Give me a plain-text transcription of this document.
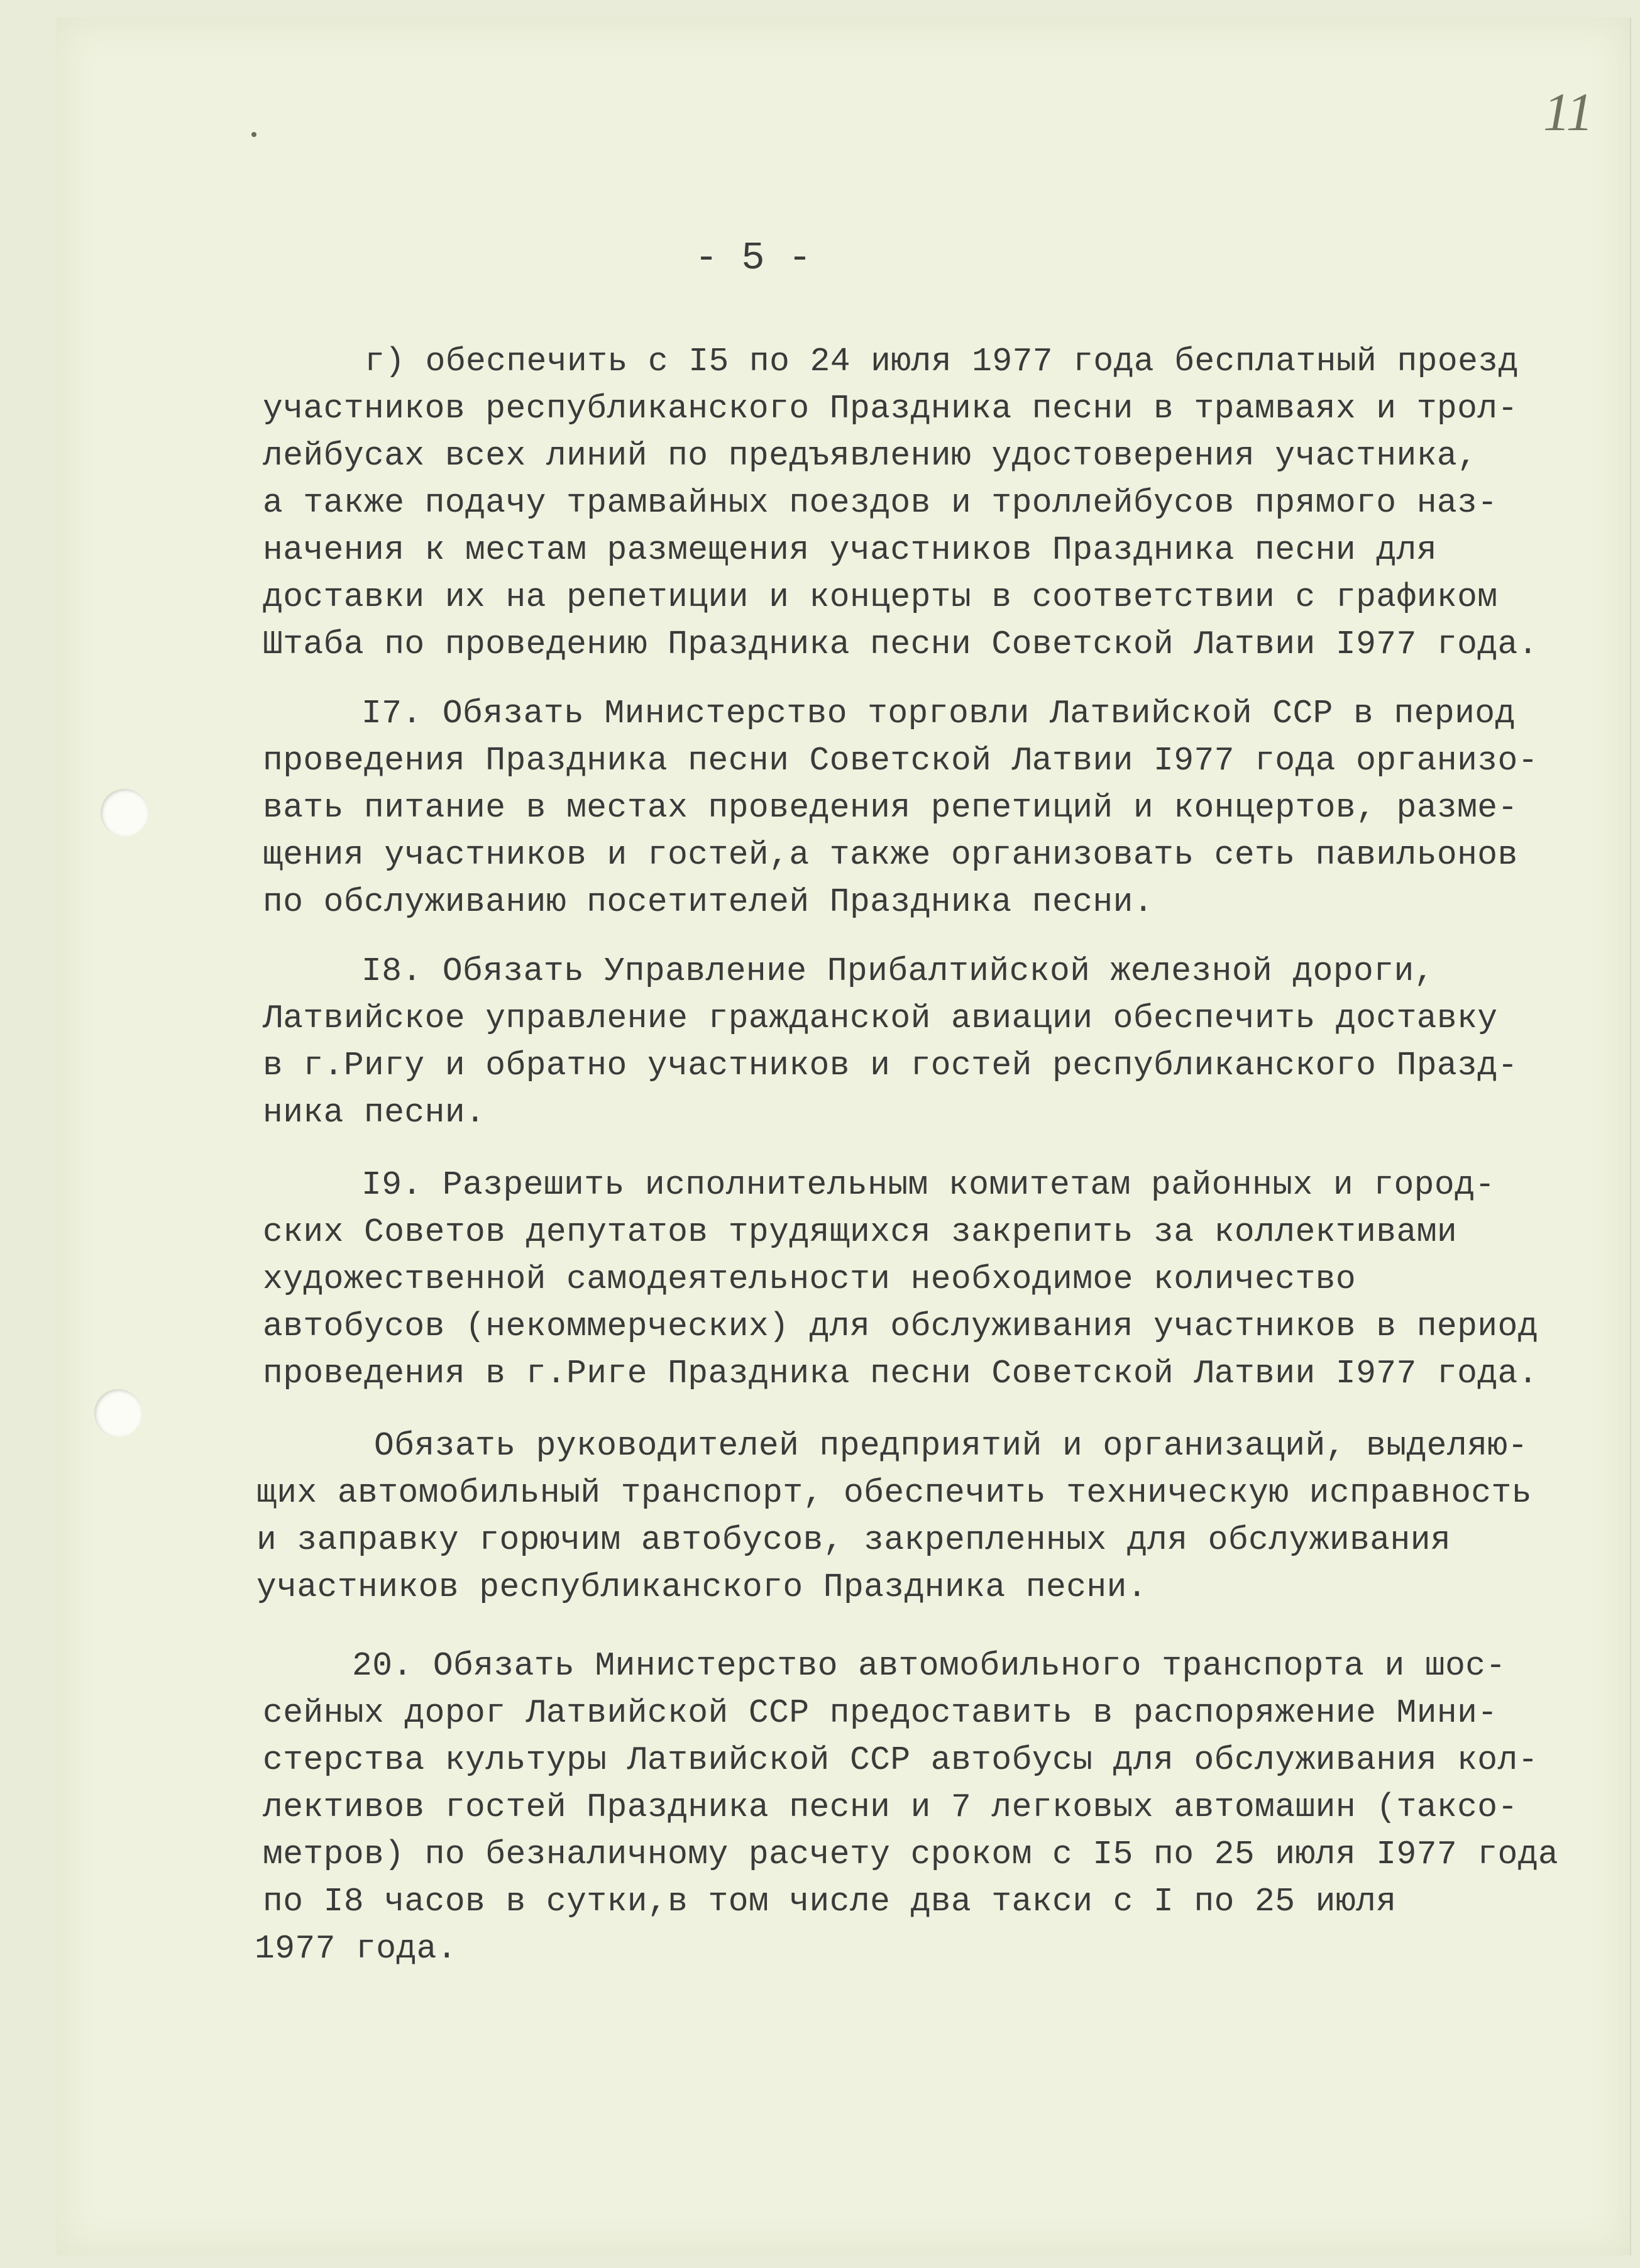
11

- 5 -

г) обеспечить с I5 по 24 июля 1977 года бесплатный проезд

участников республиканского Праздника песни в трамваях и трол-

лейбусах всех линий по предъявлению удостоверения участника,

а также подачу трамвайных поездов и троллейбусов прямого наз-

начения к местам размещения участников Праздника песни для

доставки их на репетиции и концерты в соответствии с графиком

Штаба по проведению Праздника песни Советской Латвии I977 года.

I7. Обязать Министерство торговли Латвийской ССР в период

проведения Праздника песни Советской Латвии I977 года организо-

вать питание в местах проведения репетиций и концертов, разме-

щения участников и гостей,а также организовать сеть павильонов

по обслуживанию посетителей Праздника песни.

I8. Обязать Управление Прибалтийской железной дороги,

Латвийское управление гражданской авиации обеспечить доставку

в г.Ригу и обратно участников и гостей республиканского Празд-

ника песни.

I9. Разрешить исполнительным комитетам районных и город-

ских Советов депутатов трудящихся закрепить за коллективами

художественной самодеятельности необходимое количество

автобусов (некоммерческих) для обслуживания участников в период

проведения в г.Риге Праздника песни Советской Латвии I977 года.

Обязать руководителей предприятий и организаций, выделяю-

щих автомобильный транспорт, обеспечить техническую исправность

и заправку горючим автобусов, закрепленных для обслуживания

участников республиканского Праздника песни.

20. Обязать Министерство автомобильного транспорта и шос-

сейных дорог Латвийской ССР предоставить в распоряжение Мини-

стерства культуры Латвийской ССР автобусы для обслуживания кол-

лективов гостей Праздника песни и 7 легковых автомашин (таксо-

метров) по безналичному расчету сроком с I5 по 25 июля I977 года

по I8 часов в сутки,в том числе два такси с I по 25 июля

1977 года.
